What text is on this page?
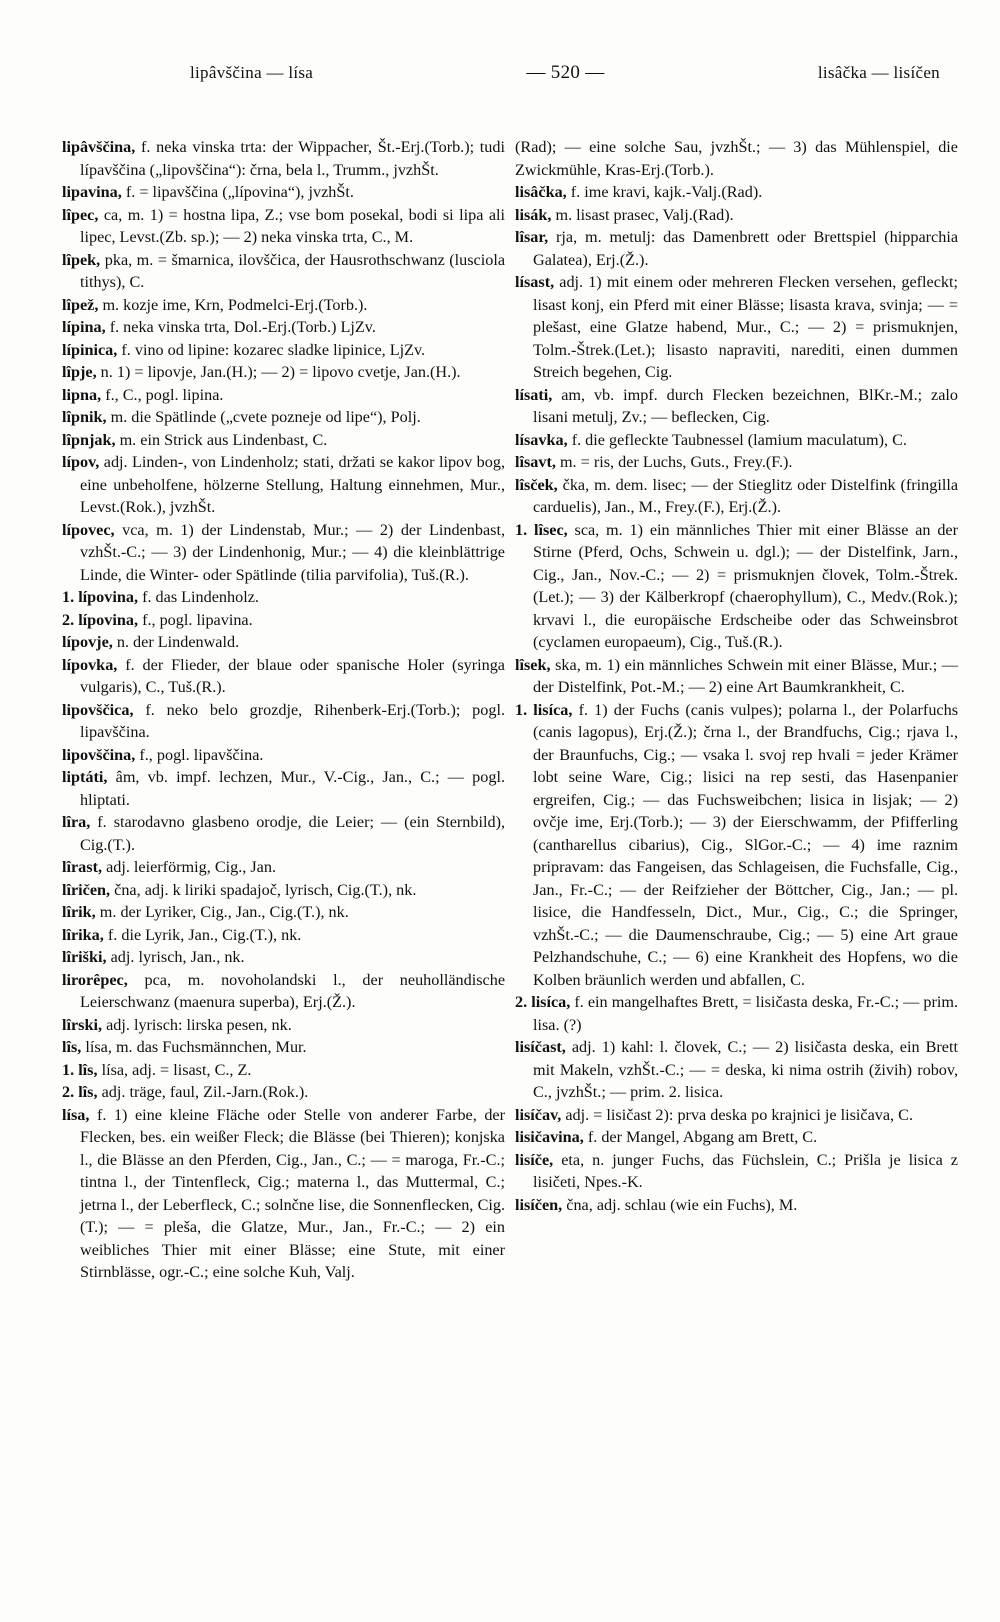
lipâvščina — lísa	— 520 —	lisâčka — lisíčen

lipâvščina, f. neka vinska trta: der Wippacher, Št.-Erj.(Torb.); tudi lípavščina („lipovščina“): črna, bela l., Trumm., jvzhŠt.

lipavina, f. = lipavščina („lípovina“), jvzhŠt.

lîpec, ca, m. 1) = hostna lipa, Z.; vse bom posekal, bodi si lipa ali lipec, Levst.(Zb. sp.); — 2) neka vinska trta, C., M.

lîpek, pka, m. = šmarnica, ilovščica, der Hausrothschwanz (lusciola tithys), C.

lîpež, m. kozje ime, Krn, Podmelci-Erj.(Torb.).

lípina, f. neka vinska trta, Dol.-Erj.(Torb.) LjZv.

lípinica, f. vino od lipine: kozarec sladke lipinice, LjZv.

lîpje, n. 1) = lipovje, Jan.(H.); — 2) = lipovo cvetje, Jan.(H.).

lipna, f., C., pogl. lipina.

lîpnik, m. die Spätlinde („cvete pozneje od lipe“), Polj.

lîpnjak, m. ein Strick aus Lindenbast, C.

lípov, adj. Linden-, von Lindenholz; stati, držati se kakor lipov bog, eine unbeholfene, hölzerne Stellung, Haltung einnehmen, Mur., Levst.(Rok.), jvzhŠt.

lípovec, vca, m. 1) der Lindenstab, Mur.; — 2) der Lindenbast, vzhŠt.-C.; — 3) der Lindenhonig, Mur.; — 4) die kleinblättrige Linde, die Winter- oder Spätlinde (tilia parvifolia), Tuš.(R.).

1. lípovina, f. das Lindenholz.

2. lípovina, f., pogl. lipavina.

lípovje, n. der Lindenwald.

lípovka, f. der Flieder, der blaue oder spanische Holer (syringa vulgaris), C., Tuš.(R.).

lipovščica, f. neko belo grozdje, Rihenberk-Erj.(Torb.); pogl. lipavščina.

lipovščina, f., pogl. lipavščina.

liptáti, âm, vb. impf. lechzen, Mur., V.-Cig., Jan., C.; — pogl. hliptati.

lîra, f. starodavno glasbeno orodje, die Leier; — (ein Sternbild), Cig.(T.).

lîrast, adj. leierförmig, Cig., Jan.

lîričen, čna, adj. k liriki spadajoč, lyrisch, Cig.(T.), nk.

lîrik, m. der Lyriker, Cig., Jan., Cig.(T.), nk.

lîrika, f. die Lyrik, Jan., Cig.(T.), nk.

lîriški, adj. lyrisch, Jan., nk.

lirorêpec, pca, m. novoholandski l., der neuholländische Leierschwanz (maenura superba), Erj.(Ž.).

lîrski, adj. lyrisch: lirska pesen, nk.

lîs, lísa, m. das Fuchsmännchen, Mur.

1. lîs, lísa, adj. = lisast, C., Z.

2. lîs, adj. träge, faul, Zil.-Jarn.(Rok.).

lísa, f. 1) eine kleine Fläche oder Stelle von anderer Farbe, der Flecken, bes. ein weißer Fleck; die Blässe (bei Thieren); konjska l., die Blässe an den Pferden, Cig., Jan., C.; — = maroga, Fr.-C.; tintna l., der Tintenfleck, Cig.; materna l., das Muttermal, C.; jetrna l., der Leberfleck, C.; solnčne lise, die Sonnenflecken, Cig.(T.); — = pleša, die Glatze, Mur., Jan., Fr.-C.; — 2) ein weibliches Thier mit einer Blässe; eine Stute, mit einer Stirnblässe, ogr.-C.; eine solche Kuh, Valj.

(Rad); — eine solche Sau, jvzhŠt.; — 3) das Mühlenspiel, die Zwickmühle, Kras-Erj.(Torb.).

lisâčka, f. ime kravi, kajk.-Valj.(Rad).

lisák, m. lisast prasec, Valj.(Rad).

lîsar, rja, m. metulj: das Damenbrett oder Brettspiel (hipparchia Galatea), Erj.(Ž.).

lísast, adj. 1) mit einem oder mehreren Flecken versehen, gefleckt; lisast konj, ein Pferd mit einer Blässe; lisasta krava, svinja; — = plešast, eine Glatze habend, Mur., C.; — 2) = prismuknjen, Tolm.-Štrek.(Let.); lisasto napraviti, narediti, einen dummen Streich begehen, Cig.

lísati, am, vb. impf. durch Flecken bezeichnen, BlKr.-M.; zalo lisani metulj, Zv.; — beflecken, Cig.

lísavka, f. die gefleckte Taubnessel (lamium maculatum), C.

lîsavt, m. = ris, der Luchs, Guts., Frey.(F.).

lîsček, čka, m. dem. lisec; — der Stieglitz oder Distelfink (fringilla carduelis), Jan., M., Frey.(F.), Erj.(Ž.).

1. lîsec, sca, m. 1) ein männliches Thier mit einer Blässe an der Stirne (Pferd, Ochs, Schwein u. dgl.); — der Distelfink, Jarn., Cig., Jan., Nov.-C.; — 2) = prismuknjen človek, Tolm.-Štrek.(Let.); — 3) der Kälberkropf (chaerophyllum), C., Medv.(Rok.); krvavi l., die europäische Erdscheibe oder das Schweinsbrot (cyclamen europaeum), Cig., Tuš.(R.).

lîsek, ska, m. 1) ein männliches Schwein mit einer Blässe, Mur.; — der Distelfink, Pot.-M.; — 2) eine Art Baumkrankheit, C.

1. lisíca, f. 1) der Fuchs (canis vulpes); polarna l., der Polarfuchs (canis lagopus), Erj.(Ž.); črna l., der Brandfuchs, Cig.; rjava l., der Braunfuchs, Cig.; — vsaka l. svoj rep hvali = jeder Krämer lobt seine Ware, Cig.; lisici na rep sesti, das Hasenpanier ergreifen, Cig.; — das Fuchsweibchen; lisica in lisjak; — 2) ovčje ime, Erj.(Torb.); — 3) der Eierschwamm, der Pfifferling (cantharellus cibarius), Cig., SlGor.-C.; — 4) ime raznim pripravam: das Fangeisen, das Schlageisen, die Fuchsfalle, Cig., Jan., Fr.-C.; — der Reifzieher der Böttcher, Cig., Jan.; — pl. lisice, die Handfesseln, Dict., Mur., Cig., C.; die Springer, vzhŠt.-C.; — die Daumenschraube, Cig.; — 5) eine Art graue Pelzhandschuhe, C.; — 6) eine Krankheit des Hopfens, wo die Kolben bräunlich werden und abfallen, C.

2. lisíca, f. ein mangelhaftes Brett, = lisičasta deska, Fr.-C.; — prim. lisa. (?)

lisíčast, adj. 1) kahl: l. človek, C.; — 2) lisičasta deska, ein Brett mit Makeln, vzhŠt.-C.; — = deska, ki nima ostrih (živih) robov, C., jvzhŠt.; — prim. 2. lisica.

lisíčav, adj. = lisičast 2): prva deska po krajnici je lisičava, C.

lisičavina, f. der Mangel, Abgang am Brett, C.

lisíče, eta, n. junger Fuchs, das Füchslein, C.; Prišla je lisica z lisičeti, Npes.-K.

lisíčen, čna, adj. schlau (wie ein Fuchs), M.
